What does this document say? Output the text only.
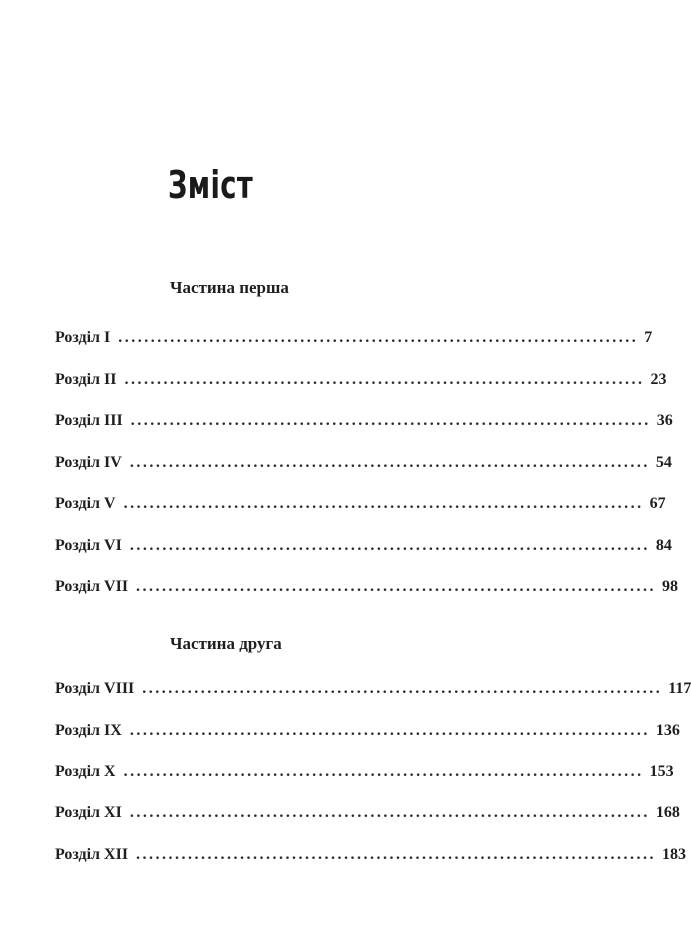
Зміст
Частина перша
Розділ I ................................................................................ 7
Розділ II ................................................................................ 23
Розділ III ................................................................................ 36
Розділ IV ................................................................................ 54
Розділ V ................................................................................ 67
Розділ VI ................................................................................ 84
Розділ VII ................................................................................ 98
Частина друга
Розділ VIII ................................................................................ 117
Розділ IX ................................................................................ 136
Розділ X ................................................................................ 153
Розділ XI ................................................................................ 168
Розділ XII ................................................................................ 183
